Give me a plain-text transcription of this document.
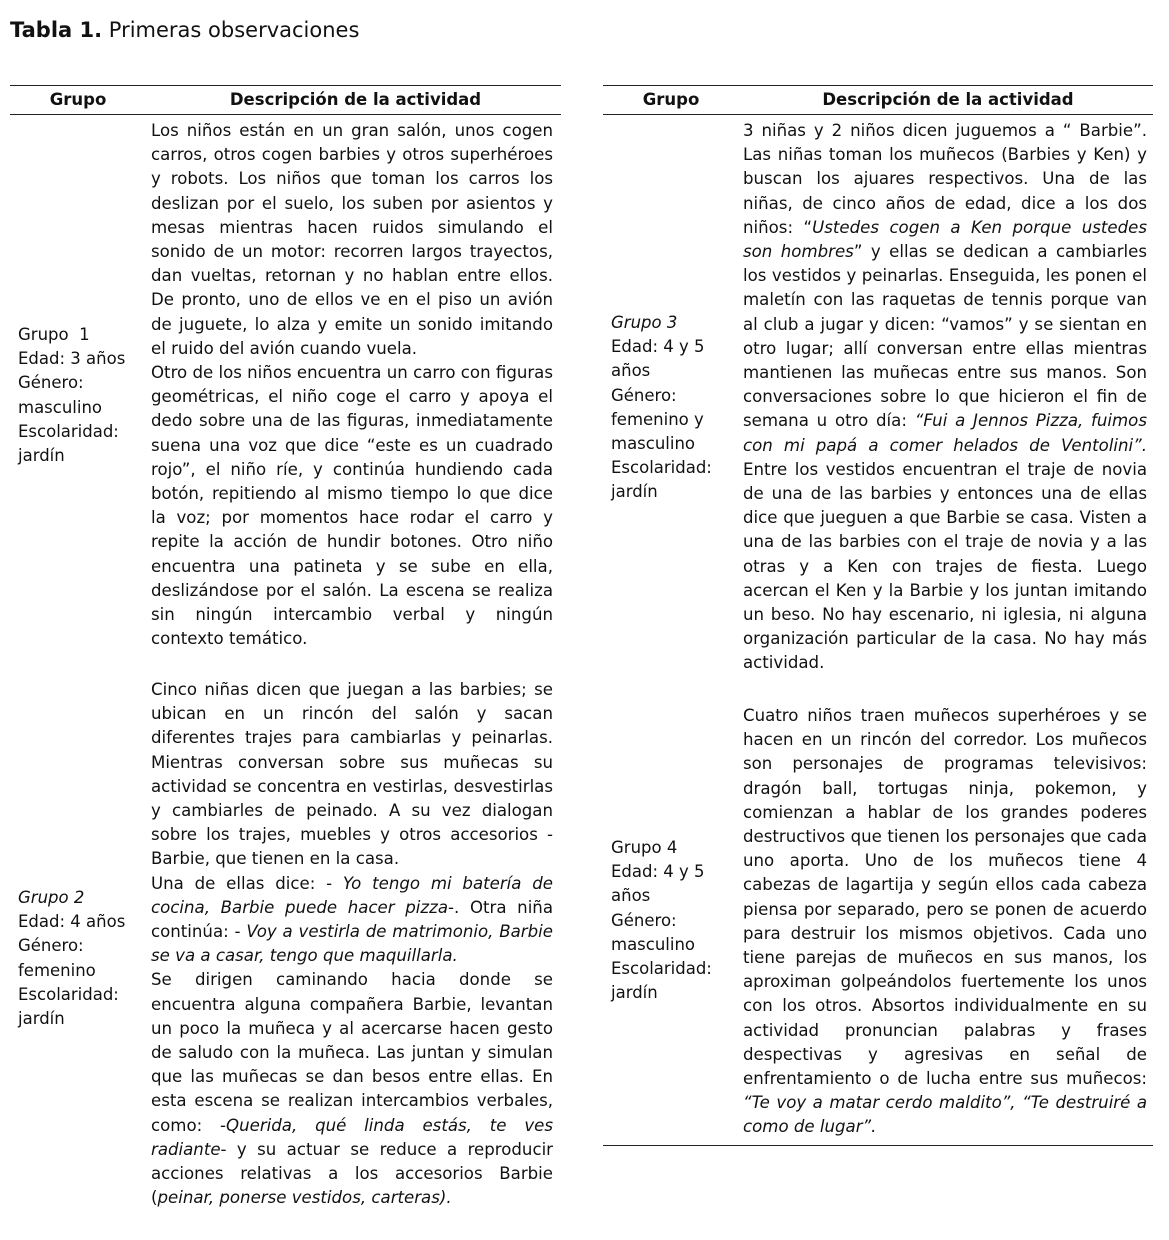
Tabla 1. Primeras observaciones
Grupo	Descripción de la actividad
Grupo  1
Edad: 3 años
Género:
masculino
Escolaridad:
jardín

Los niños están en un gran salón, unos cogen carros, otros cogen barbies y otros superhéroes y robots. Los niños que toman los carros los deslizan por el suelo, los suben por asientos y mesas mientras hacen ruidos simulando el sonido de un motor: recorren largos trayectos, dan vueltas, retornan y no hablan entre ellos. De pronto, uno de ellos ve en el piso un avión de juguete, lo alza y emite un sonido imitando el ruido del avión cuando vuela.

Otro de los niños encuentra un carro con figuras geométricas, el niño coge el carro y apoya el dedo sobre una de las figuras, inmediatamente suena una voz que dice “este es un cuadrado rojo”, el niño ríe, y continúa hundiendo cada botón, repitiendo al mismo tiempo lo que dice la voz; por momentos hace rodar el carro y repite la acción de hundir botones. Otro niño encuentra una patineta y se sube en ella, deslizándose por el salón. La escena se realiza sin ningún intercambio verbal y ningún contexto temático.

Grupo 2
Edad: 4 años
Género:
femenino
Escolaridad:
jardín

Cinco niñas dicen que juegan a las barbies; se ubican en un rincón del salón y sacan diferentes trajes para cambiarlas y peinarlas. Mientras conversan sobre sus muñecas su actividad se concentra en vestirlas, desvestirlas y cambiarles de peinado. A su vez dialogan sobre los trajes, muebles y otros accesorios - Barbie, que tienen en la casa.

Una de ellas dice: - Yo tengo mi batería de cocina, Barbie puede hacer pizza-. Otra niña continúa: - Voy a vestirla de matrimonio, Barbie se va a casar, tengo que maquillarla.

Se dirigen caminando hacia donde se encuentra alguna compañera Barbie, levantan un poco la muñeca y al acercarse hacen gesto de saludo con la muñeca. Las juntan y simulan que las muñecas se dan besos entre ellas. En esta escena se realizan intercambios verbales, como: -Querida, qué linda estás, te ves radiante- y su actuar se reduce a reproducir acciones relativas a los accesorios Barbie (peinar, ponerse vestidos, carteras).

Grupo	Descripción de la actividad
Grupo 3
Edad: 4 y 5 años
Género:
femenino y masculino
Escolaridad:
jardín

3 niñas y 2 niños dicen juguemos a “ Barbie”. Las niñas toman los muñecos (Barbies y Ken) y buscan los ajuares respectivos. Una de las niñas, de cinco años de edad, dice a los dos niños: “Ustedes cogen a Ken porque ustedes son hombres” y ellas se dedican a cambiarles los vestidos y peinarlas. Enseguida, les ponen el maletín con las raquetas de tennis porque van al club a jugar y dicen: “vamos” y se sientan en otro lugar; allí conversan entre ellas mientras mantienen las muñecas entre sus manos. Son conversaciones sobre lo que hicieron el fin de semana u otro día: “Fui a Jennos Pizza, fuimos con mi papá a comer helados de Ventolini”. Entre los vestidos encuentran el traje de novia de una de las barbies y entonces una de ellas dice que jueguen a que Barbie se casa. Visten a una de las barbies con el traje de novia y a las otras y a Ken con trajes de fiesta. Luego acercan el Ken y la Barbie y los juntan imitando un beso. No hay escenario, ni iglesia, ni alguna organización particular de la casa. No hay más actividad.

Grupo 4
Edad: 4 y 5 años
Género:
masculino
Escolaridad:
jardín

Cuatro niños traen muñecos superhéroes y se hacen en un rincón del corredor. Los muñecos son personajes de programas televisivos: dragón ball, tortugas ninja, pokemon, y comienzan a hablar de los grandes poderes destructivos que tienen los personajes que cada uno aporta. Uno de los muñecos tiene 4 cabezas de lagartija y según ellos cada cabeza piensa por separado, pero se ponen de acuerdo para destruir los mismos objetivos. Cada uno tiene parejas de muñecos en sus manos, los aproximan golpeándolos fuertemente los unos con los otros. Absortos individualmente en su actividad pronuncian palabras y frases despectivas y agresivas en señal de enfrentamiento o de lucha entre sus muñecos: “Te voy a matar cerdo maldito”, “Te destruiré a como de lugar”.
